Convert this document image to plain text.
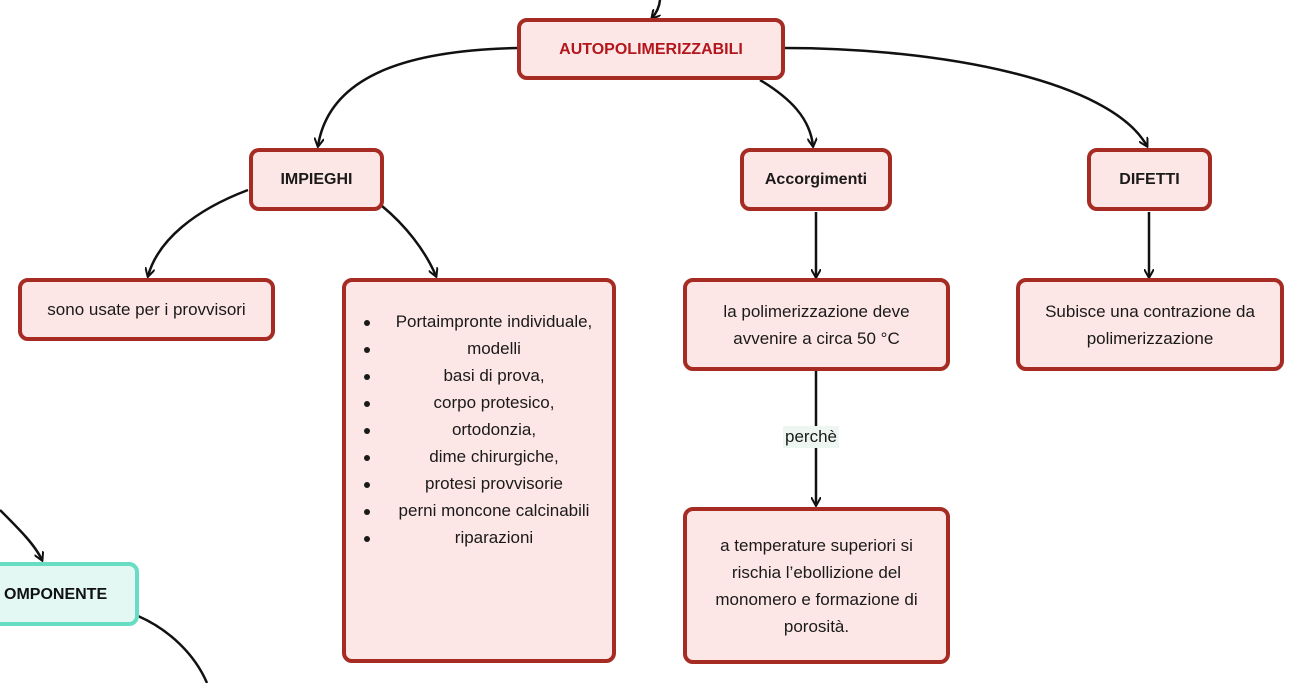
AUTOPOLIMERIZZABILI
IMPIEGHI	Accorgimenti	DIFETTI
sono usate per i provvisori
Portaimpronte individuale,
modelli
basi di prova,
corpo protesico,
ortodonzia,
dime chirurgiche,
protesi provvisorie
perni moncone calcinabili
riparazioni
la polimerizzazione deve avvenire a circa 50 °C
perchè
a temperature superiori si rischia l’ebollizione del monomero e formazione di porosità.
Subisce una contrazione da polimerizzazione
OMPONENTE
